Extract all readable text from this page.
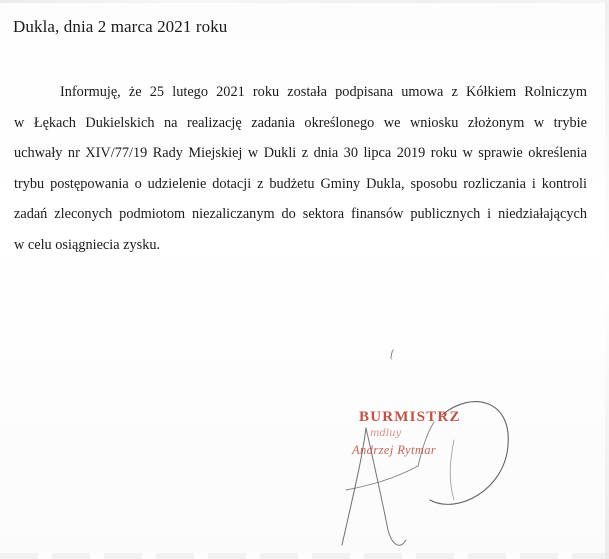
Dukla, dnia 2 marca 2021 roku
Informuję, że 25 lutego 2021 roku została podpisana umowa z Kółkiem Rolniczym
w Łękach Dukielskich na realizację zadania określonego we wniosku złożonym w trybie
uchwały nr XIV/77/19 Rady Miejskiej w Dukli z dnia 30 lipca 2019 roku w sprawie określenia
trybu postępowania o udzielenie dotacji z budżetu Gminy Dukla, sposobu rozliczania i kontroli
zadań zleconych podmiotom niezaliczanym do sektora finansów publicznych i niedziałających
w celu osiągniecia zysku.
BURMISTRZ
mdluy
Andrzej Rytmar
